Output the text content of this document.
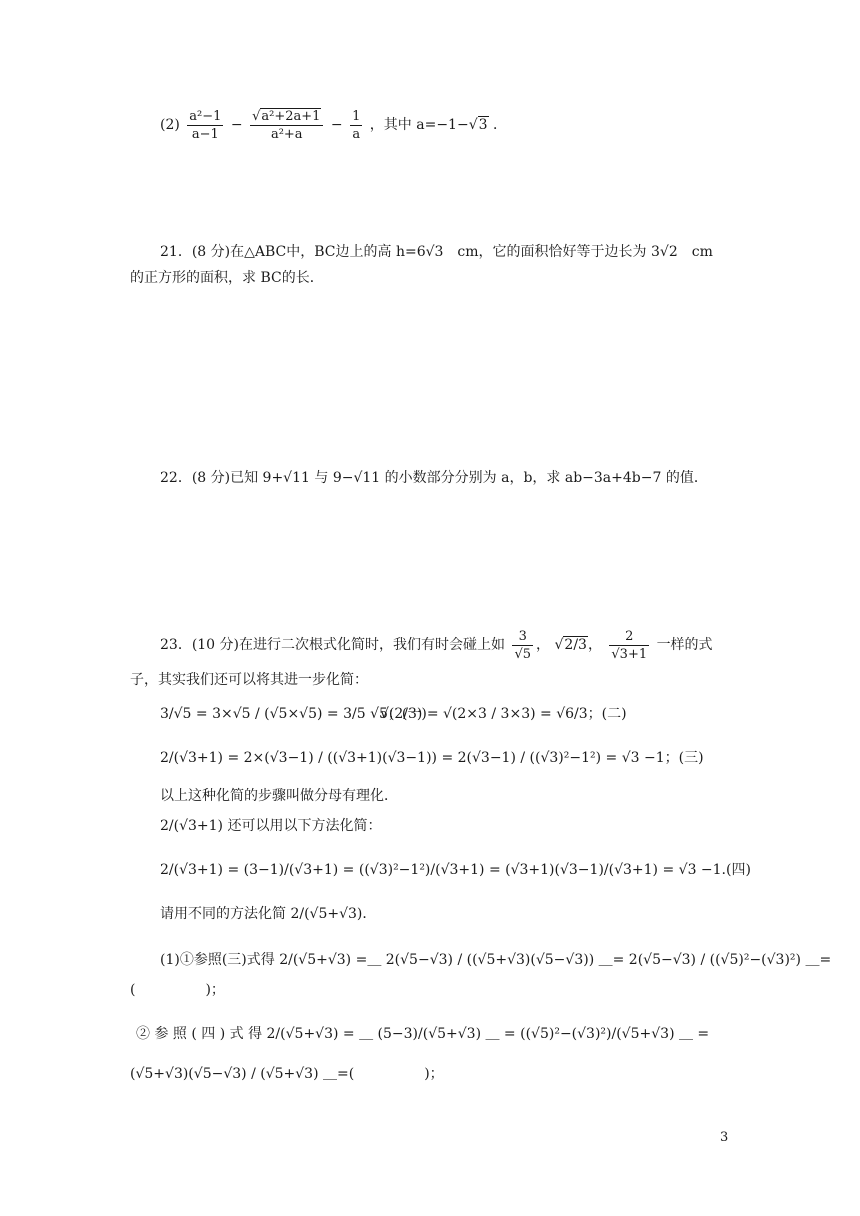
$(2) \frac{\text{a²−1}}{a-1}$ − √ $\frac{\text{a²+2a+1}}{\text{a²+a}} - \frac{1}{a}$ ，其中 a=−1− √ 3 ．
21．(8 分)在△ABC中，BC边上的高 h=6√3　cm，它的面积恰好等于边长为 3√2　cm
的正方形的面积，求 BC的长．
22．(8 分)已知 9+√11 与 9−√11 的小数部分分别为 a，b，求 ab−3a+4b−7 的值．
23．(10 分)在进行二次根式化简时，我们有时会碰上如 $\frac{3}{√5}$ ， √ 2/3， $\frac{2}{√3+1}$ 一样的式
子，其实我们还可以将其进一步化简：
3/√5 = 3×√5 / (√5×√5) = 3/5 √5；(一)
√(2/3) = √(2×3 / 3×3) = √6/3；(二)
2/(√3+1) = 2×(√3−1) / ((√3+1)(√3−1)) = 2(√3−1) / ((√3)²−1²) = √3 −1；(三)
以上这种化简的步骤叫做分母有理化．
2/(√3+1) 还可以用以下方法化简：
2/(√3+1) = (3−1)/(√3+1) = ((√3)²−1²)/(√3+1) = (√3+1)(√3−1)/(√3+1) = √3 −1.(四)
请用不同的方法化简 2/(√5+√3)．
(1)①参照(三)式得 2/(√5+√3) =＿ 2(√5−√3) / ((√5+√3)(√5−√3)) ＿= 2(√5−√3) / ((√5)²−(√3)²) ＿=
(　　　　　)；
② 参 照 ( 四 ) 式 得 2/(√5+√3) = ＿ (5−3)/(√5+√3) ＿ = ((√5)²−(√3)²)/(√5+√3) ＿ =
(√5+√3)(√5−√3) / (√5+√3) ＿=(　　　　　)；
3
